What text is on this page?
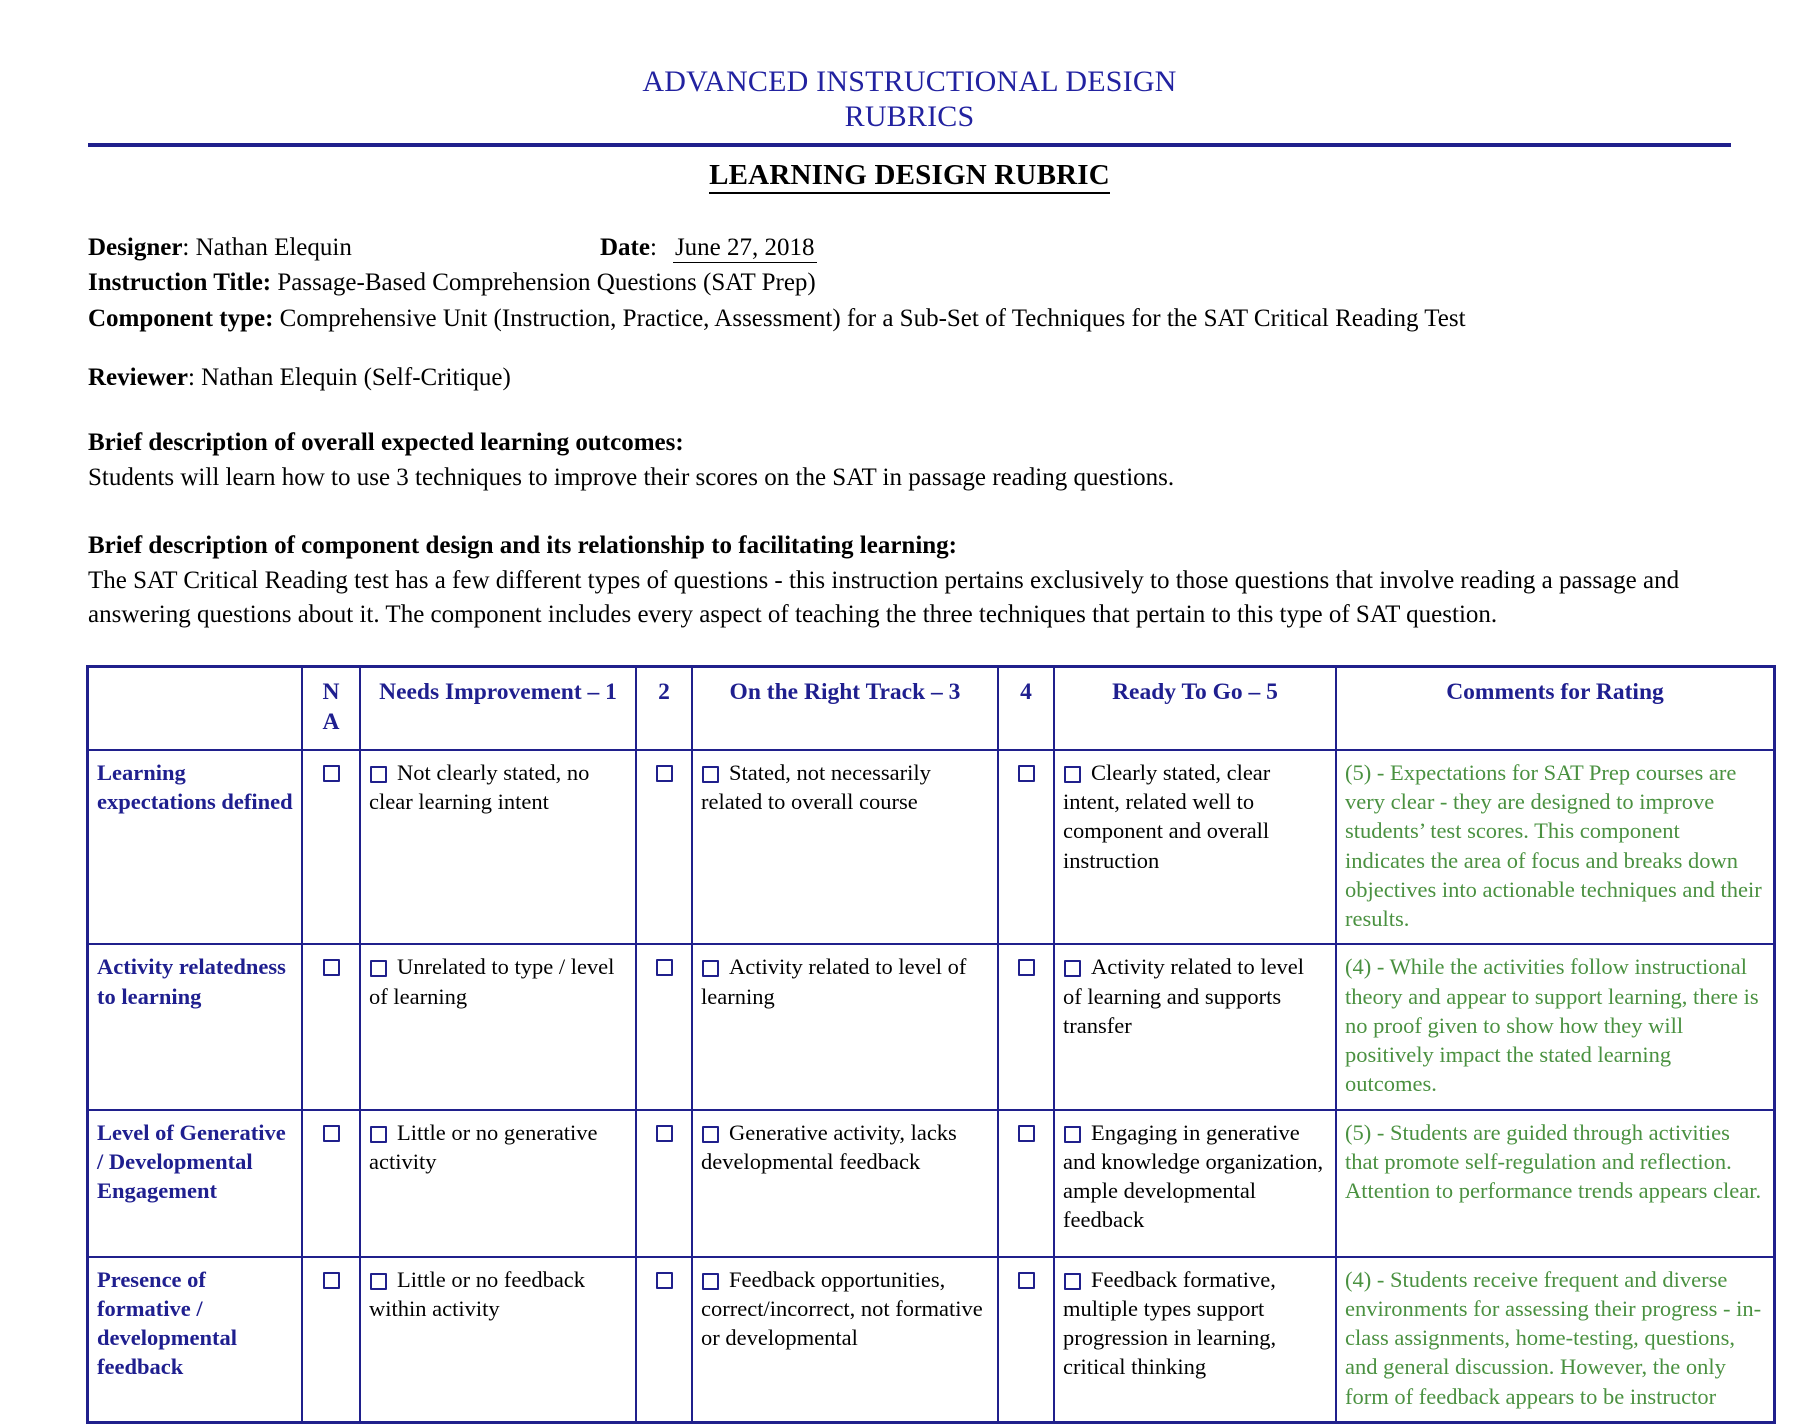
ADVANCED INSTRUCTIONAL DESIGN
RUBRICS
LEARNING DESIGN RUBRIC
Designer: Nathan Elequin	Date: June 27, 2018
Instruction Title: Passage-Based Comprehension Questions (SAT Prep)
Component type: Comprehensive Unit (Instruction, Practice, Assessment) for a Sub-Set of Techniques for the SAT Critical Reading Test
Reviewer: Nathan Elequin (Self-Critique)
Brief description of overall expected learning outcomes:
Students will learn how to use 3 techniques to improve their scores on the SAT in passage reading questions.
Brief description of component design and its relationship to facilitating learning:
The SAT Critical Reading test has a few different types of questions - this instruction pertains exclusively to those questions that involve reading a passage and answering questions about it. The component includes every aspect of teaching the three techniques that pertain to this type of SAT question.
	N
A	Needs Improvement – 1	2	On the Right Track – 3	4	Ready To Go – 5	Comments for Rating
Learning expectations defined		Not clearly stated, no clear learning intent		Stated, not necessarily related to overall course		Clearly stated, clear intent, related well to component and overall instruction	(5) - Expectations for SAT Prep courses are very clear - they are designed to improve students’ test scores. This component indicates the area of focus and breaks down objectives into actionable techniques and their results.
Activity relatedness to learning		Unrelated to type / level of learning		Activity related to level of learning		Activity related to level of learning and supports transfer	(4) - While the activities follow instructional theory and appear to support learning, there is no proof given to show how they will positively impact the stated learning outcomes.
Level of Generative / Developmental Engagement		Little or no generative activity		Generative activity, lacks developmental feedback		Engaging in generative and knowledge organization, ample developmental feedback	(5) - Students are guided through activities that promote self-regulation and reflection. Attention to performance trends appears clear.
Presence of formative / developmental feedback		Little or no feedback within activity		Feedback opportunities, correct/incorrect, not formative or developmental		Feedback formative, multiple types support progression in learning, critical thinking	(4) - Students receive frequent and diverse environments for assessing their progress - in-class assignments, home-testing, questions, and general discussion. However, the only form of feedback appears to be instructor
